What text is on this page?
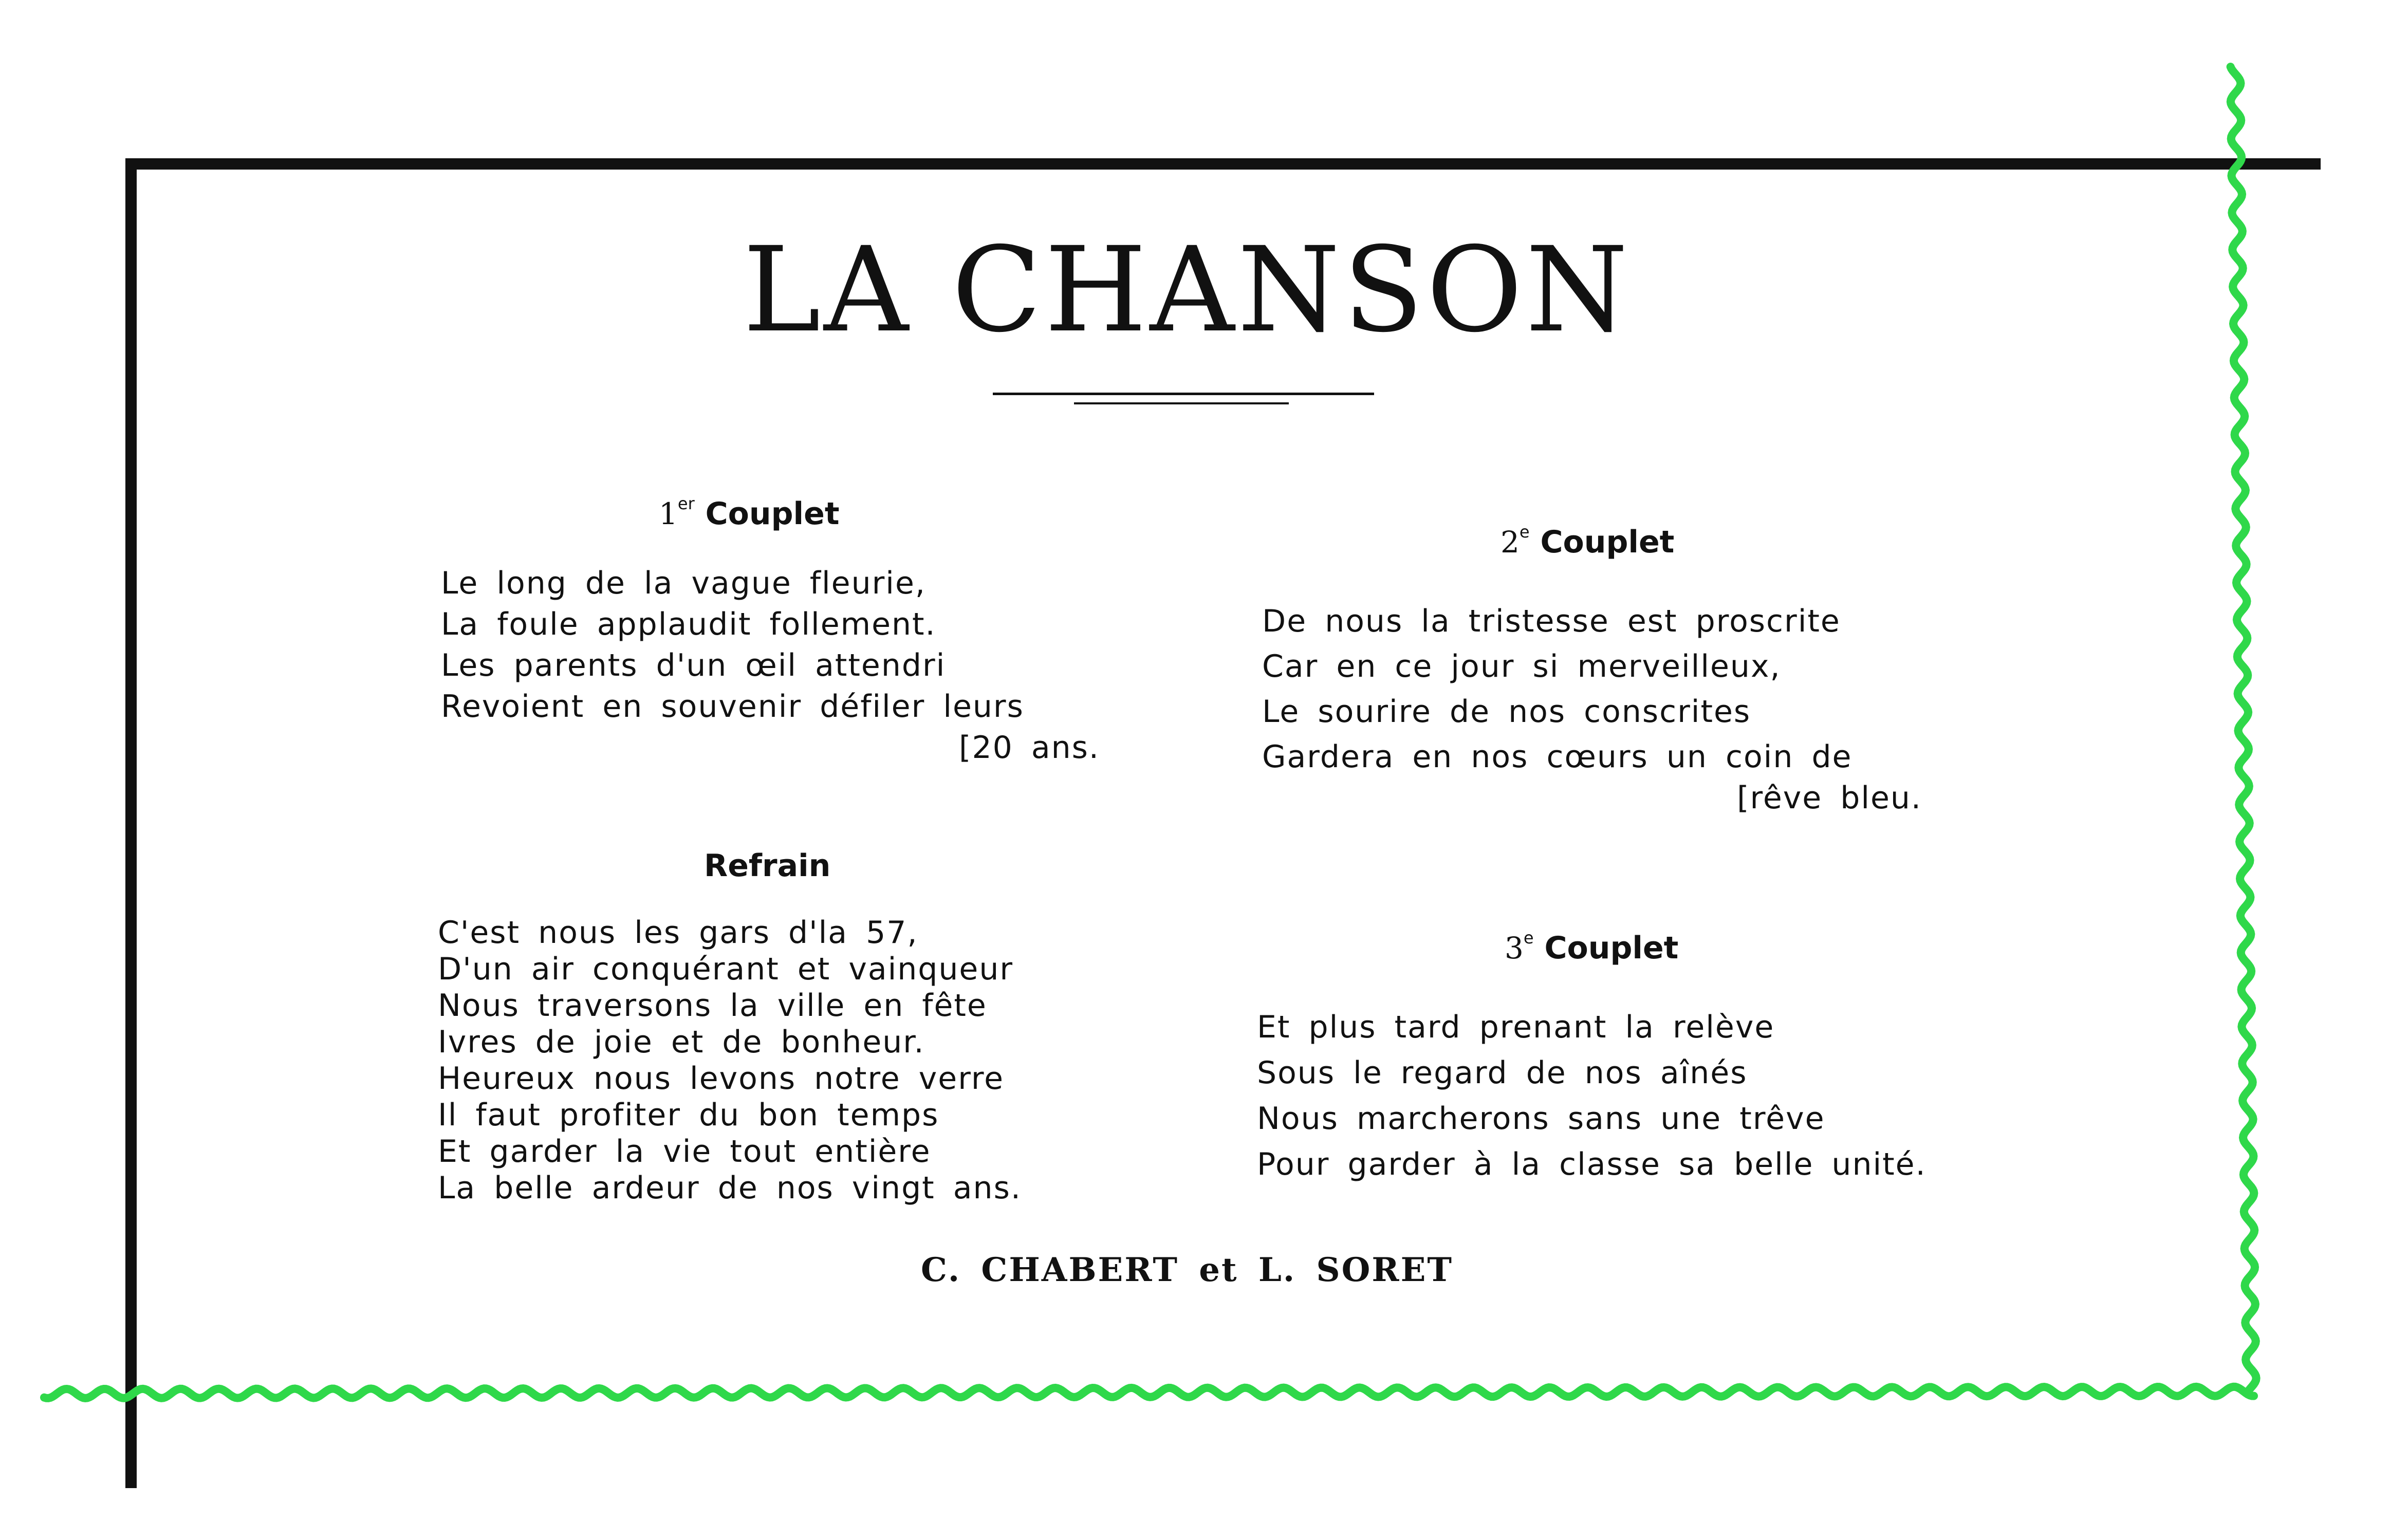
LA CHANSON
1er Couplet
Le long de la vague fleurie,
La foule applaudit follement.
Les parents d'un œil attendri
Revoient en souvenir défiler leurs
[20 ans.
Refrain
C'est nous les gars d'la 57,
D'un air conquérant et vainqueur
Nous traversons la ville en fête
Ivres de joie et de bonheur.
Heureux nous levons notre verre
Il faut profiter du bon temps
Et garder la vie tout entière
La belle ardeur de nos vingt ans.
2e Couplet
De nous la tristesse est proscrite
Car en ce jour si merveilleux,
Le sourire de nos conscrites
Gardera en nos cœurs un coin de
[rêve bleu.
3e Couplet
Et plus tard prenant la relève
Sous le regard de nos aînés
Nous marcherons sans une trêve
Pour garder à la classe sa belle unité.
C. CHABERT et L. SORET
